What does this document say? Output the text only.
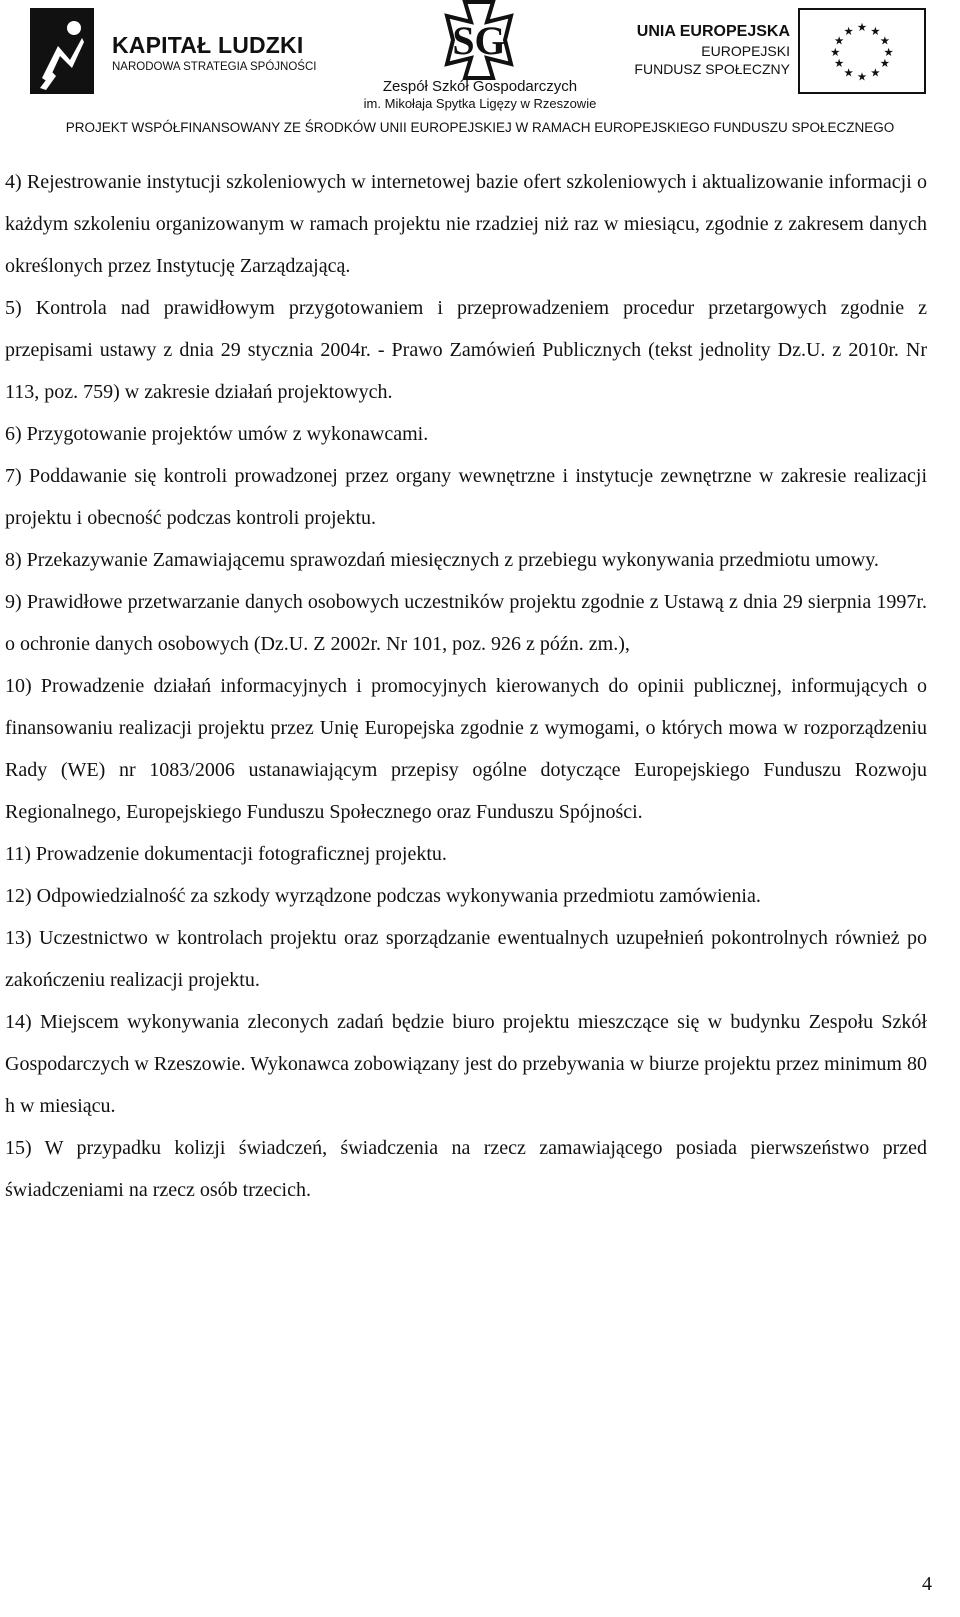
KAPITAŁ LUDZKI
NARODOWA STRATEGIA SPÓJNOŚCI
SG
Zespół Szkół Gospodarczych
im. Mikołaja Spytka Ligęzy w Rzeszowie
UNIA EUROPEJSKA
EUROPEJSKI
FUNDUSZ SPOŁECZNY
★ ★
★
★
★
★
★
★
★
★
★
★
PROJEKT WSPÓŁFINANSOWANY ZE ŚRODKÓW UNII EUROPEJSKIEJ W RAMACH EUROPEJSKIEGO FUNDUSZU SPOŁECZNEGO

4) Rejestrowanie instytucji szkoleniowych w internetowej bazie ofert szkoleniowych i aktualizowanie informacji o każdym szkoleniu organizowanym w ramach projektu nie rzadziej niż raz w miesiącu, zgodnie z zakresem danych określonych przez Instytucję Zarządzającą.

5) Kontrola nad prawidłowym przygotowaniem i przeprowadzeniem procedur przetargowych zgodnie z przepisami ustawy z dnia 29 stycznia 2004r. - Prawo Zamówień Publicznych (tekst jednolity Dz.U. z 2010r. Nr 113, poz. 759) w zakresie działań projektowych.

6) Przygotowanie projektów umów z wykonawcami.

7) Poddawanie się kontroli prowadzonej przez organy wewnętrzne i instytucje zewnętrzne w zakresie realizacji projektu i obecność podczas kontroli projektu.

8) Przekazywanie Zamawiającemu sprawozdań miesięcznych z przebiegu wykonywania przedmiotu umowy.

9) Prawidłowe przetwarzanie danych osobowych uczestników projektu zgodnie z Ustawą z dnia 29 sierpnia 1997r. o ochronie danych osobowych (Dz.U. Z 2002r. Nr 101, poz. 926 z późn. zm.),

10) Prowadzenie działań informacyjnych i promocyjnych kierowanych do opinii publicznej, informujących o finansowaniu realizacji projektu przez Unię Europejska zgodnie z wymogami, o których mowa w rozporządzeniu Rady (WE) nr 1083/2006 ustanawiającym przepisy ogólne dotyczące Europejskiego Funduszu Rozwoju Regionalnego, Europejskiego Funduszu Społecznego oraz Funduszu Spójności.

11) Prowadzenie dokumentacji fotograficznej projektu.

12) Odpowiedzialność za szkody wyrządzone podczas wykonywania przedmiotu zamówienia.

13) Uczestnictwo w kontrolach projektu oraz sporządzanie ewentualnych uzupełnień pokontrolnych również po zakończeniu realizacji projektu.

14) Miejscem wykonywania zleconych zadań będzie biuro projektu mieszczące się w budynku Zespołu Szkół Gospodarczych w Rzeszowie. Wykonawca zobowiązany jest do przebywania w biurze projektu przez minimum 80 h w miesiącu.

15) W przypadku kolizji świadczeń, świadczenia na rzecz zamawiającego posiada pierwszeństwo przed świadczeniami na rzecz osób trzecich.

4
